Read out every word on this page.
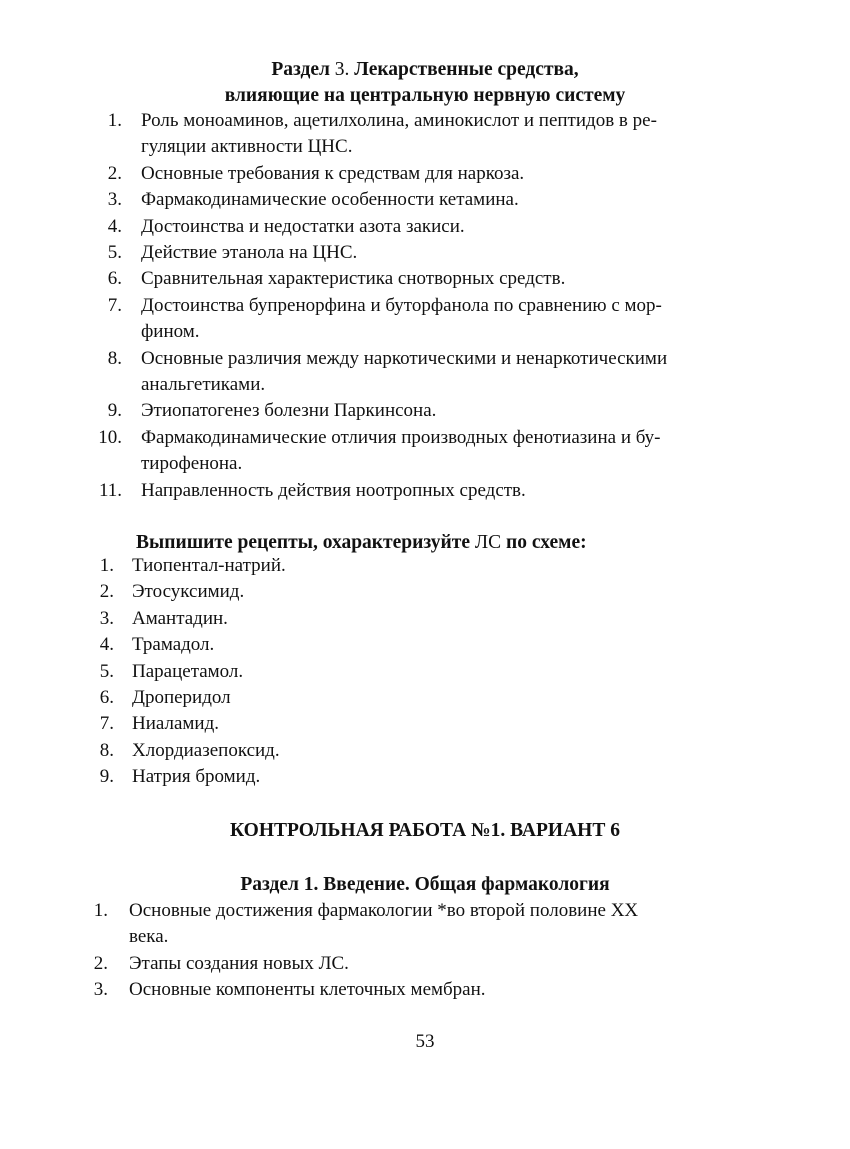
Раздел 3. Лекарственные средства,
влияющие на центральную нервную систему
1. Роль моноаминов, ацетилхолина, аминокислот и пептидов в ре-
гуляции активности ЦНС.
2. Основные требования к средствам для наркоза.
3. Фармакодинамические особенности кетамина.
4. Достоинства и недостатки азота закиси.
5. Действие этанола на ЦНС.
6. Сравнительная характеристика снотворных средств.
7. Достоинства бупренорфина и буторфанола по сравнению с мор-
фином.
8. Основные различия между наркотическими и ненаркотическими
анальгетиками.
9. Этиопатогенез болезни Паркинсона.
10. Фармакодинамические отличия производных фенотиазина и бу-
тирофенона.
11. Направленность действия ноотропных средств.
Выпишите рецепты, охарактеризуйте ЛС по схеме:
1. Тиопентал-натрий.
2. Этосуксимид.
3. Амантадин.
4. Трамадол.
5. Парацетамол.
6. Дроперидол
7. Ниаламид.
8. Хлордиазепоксид.
9. Натрия бромид.
КОНТРОЛЬНАЯ РАБОТА №1. ВАРИАНТ 6
Раздел 1. Введение. Общая фармакология
1. Основные достижения фармакологии *во второй половине XX
века.
2. Этапы создания новых ЛС.
3. Основные компоненты клеточных мембран.
53
